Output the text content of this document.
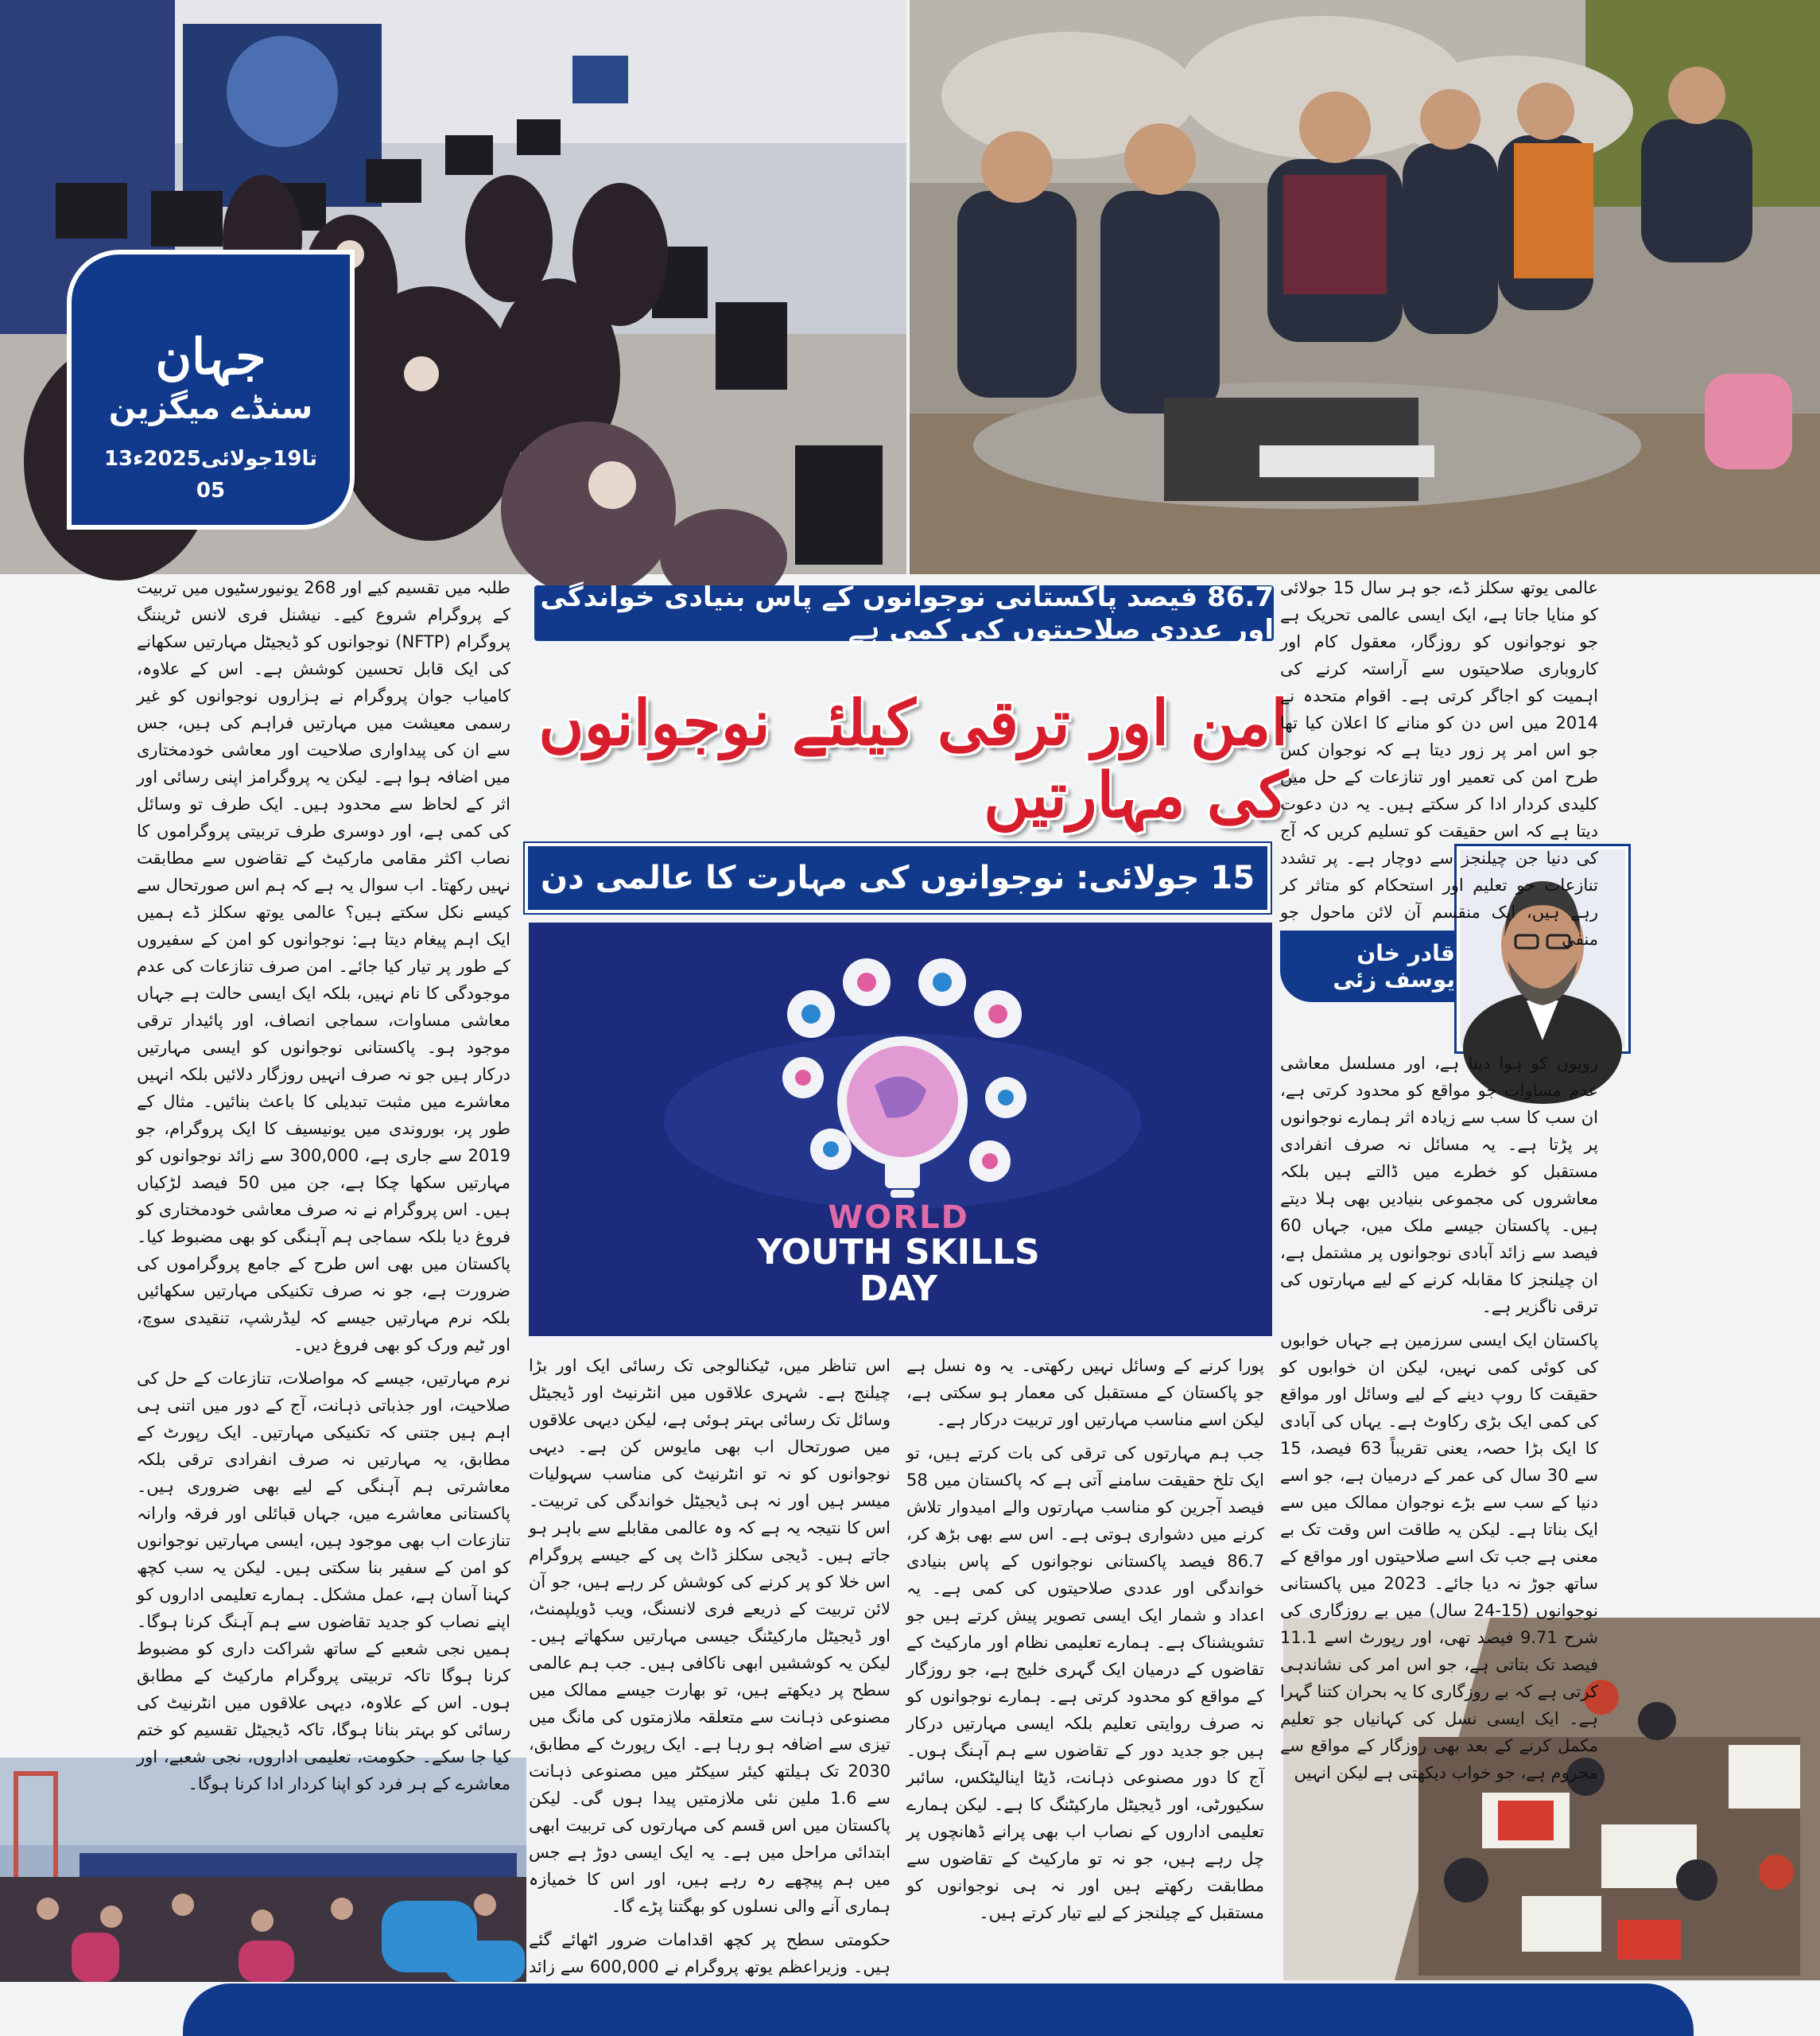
جہان
سنڈے میگزین
13تا19جولائی2025ء
05
86.7 فیصد پاکستانی نوجوانوں کے پاس بنیادی خواندگی اور عددی صلاحیتوں کی کمی ہے
امن اور ترقی کیلئے نوجوانوں کی مہارتیں
15 جولائی: نوجوانوں کی مہارت کا عالمی دن
قادر خان یوسف زئی
WORLD
YOUTH SKILLS DAY

عالمی یوتھ سکلز ڈے، جو ہر سال 15 جولائی کو منایا جاتا ہے، ایک ایسی عالمی تحریک ہے جو نوجوانوں کو روزگار، معقول کام اور کاروباری صلاحیتوں سے آراستہ کرنے کی اہمیت کو اجاگر کرتی ہے۔ اقوام متحدہ نے 2014 میں اس دن کو منانے کا اعلان کیا تھا جو اس امر پر زور دیتا ہے کہ نوجوان کس طرح امن کی تعمیر اور تنازعات کے حل میں کلیدی کردار ادا کر سکتے ہیں۔ یہ دن دعوت دیتا ہے کہ اس حقیقت کو تسلیم کریں کہ آج کی دنیا جن چیلنجز سے دوچار ہے۔ پر تشدد تنازعات جو تعلیم اور استحکام کو متاثر کر رہے ہیں، ایک منقسم آن لائن ماحول جو منفی

رویوں کو ہوا دیتا ہے، اور مسلسل معاشی عدم مساوات جو مواقع کو محدود کرتی ہے، ان سب کا سب سے زیادہ اثر ہمارے نوجوانوں پر پڑتا ہے۔ یہ مسائل نہ صرف انفرادی مستقبل کو خطرے میں ڈالتے ہیں بلکہ معاشروں کی مجموعی بنیادیں بھی ہلا دیتے ہیں۔ پاکستان جیسے ملک میں، جہاں 60 فیصد سے زائد آبادی نوجوانوں پر مشتمل ہے، ان چیلنجز کا مقابلہ کرنے کے لیے مہارتوں کی ترقی ناگزیر ہے۔

پاکستان ایک ایسی سرزمین ہے جہاں خوابوں کی کوئی کمی نہیں، لیکن ان خوابوں کو حقیقت کا روپ دینے کے لیے وسائل اور مواقع کی کمی ایک بڑی رکاوٹ ہے۔ یہاں کی آبادی کا ایک بڑا حصہ، یعنی تقریباً 63 فیصد، 15 سے 30 سال کی عمر کے درمیان ہے، جو اسے دنیا کے سب سے بڑے نوجوان ممالک میں سے ایک بناتا ہے۔ لیکن یہ طاقت اس وقت تک بے معنی ہے جب تک اسے صلاحیتوں اور مواقع کے ساتھ جوڑ نہ دیا جائے۔ 2023 میں پاکستانی نوجوانوں (15-24 سال) میں بے روزگاری کی شرح 9.71 فیصد تھی، اور رپورٹ اسے 11.1 فیصد تک بتاتی ہے، جو اس امر کی نشاندہی کرتی ہے کہ بے روزگاری کا یہ بحران کتنا گہرا ہے۔ ایک ایسی نسل کی کہانیاں جو تعلیم مکمل کرنے کے بعد بھی روزگار کے مواقع سے محروم ہے، جو خواب دیکھتی ہے لیکن انہیں

پورا کرنے کے وسائل نہیں رکھتی۔ یہ وہ نسل ہے جو پاکستان کے مستقبل کی معمار ہو سکتی ہے، لیکن اسے مناسب مہارتیں اور تربیت درکار ہے۔

جب ہم مہارتوں کی ترقی کی بات کرتے ہیں، تو ایک تلخ حقیقت سامنے آتی ہے کہ پاکستان میں 58 فیصد آجرین کو مناسب مہارتوں والے امیدوار تلاش کرنے میں دشواری ہوتی ہے۔ اس سے بھی بڑھ کر، 86.7 فیصد پاکستانی نوجوانوں کے پاس بنیادی خواندگی اور عددی صلاحیتوں کی کمی ہے۔ یہ اعداد و شمار ایک ایسی تصویر پیش کرتے ہیں جو تشویشناک ہے۔ ہمارے تعلیمی نظام اور مارکیٹ کے تقاضوں کے درمیان ایک گہری خلیج ہے، جو روزگار کے مواقع کو محدود کرتی ہے۔ ہمارے نوجوانوں کو نہ صرف روایتی تعلیم بلکہ ایسی مہارتیں درکار ہیں جو جدید دور کے تقاضوں سے ہم آہنگ ہوں۔ آج کا دور مصنوعی ذہانت، ڈیٹا اینالیٹکس، سائبر سکیورٹی، اور ڈیجیٹل مارکیٹنگ کا ہے۔ لیکن ہمارے تعلیمی اداروں کے نصاب اب بھی پرانے ڈھانچوں پر چل رہے ہیں، جو نہ تو مارکیٹ کے تقاضوں سے مطابقت رکھتے ہیں اور نہ ہی نوجوانوں کو مستقبل کے چیلنجز کے لیے تیار کرتے ہیں۔

اس تناظر میں، ٹیکنالوجی تک رسائی ایک اور بڑا چیلنج ہے۔ شہری علاقوں میں انٹرنیٹ اور ڈیجیٹل وسائل تک رسائی بہتر ہوئی ہے، لیکن دیہی علاقوں میں صورتحال اب بھی مایوس کن ہے۔ دیہی نوجوانوں کو نہ تو انٹرنیٹ کی مناسب سہولیات میسر ہیں اور نہ ہی ڈیجیٹل خواندگی کی تربیت۔ اس کا نتیجہ یہ ہے کہ وہ عالمی مقابلے سے باہر ہو جاتے ہیں۔ ڈیجی سکلز ڈاٹ پی کے جیسے پروگرام اس خلا کو پر کرنے کی کوشش کر رہے ہیں، جو آن لائن تربیت کے ذریعے فری لانسنگ، ویب ڈویلپمنٹ، اور ڈیجیٹل مارکیٹنگ جیسی مہارتیں سکھاتے ہیں۔ لیکن یہ کوششیں ابھی ناکافی ہیں۔ جب ہم عالمی سطح پر دیکھتے ہیں، تو بھارت جیسے ممالک میں مصنوعی ذہانت سے متعلقہ ملازمتوں کی مانگ میں تیزی سے اضافہ ہو رہا ہے۔ ایک رپورٹ کے مطابق، 2030 تک ہیلتھ کیئر سیکٹر میں مصنوعی ذہانت سے 1.6 ملین نئی ملازمتیں پیدا ہوں گی۔ لیکن پاکستان میں اس قسم کی مہارتوں کی تربیت ابھی ابتدائی مراحل میں ہے۔ یہ ایک ایسی دوڑ ہے جس میں ہم پیچھے رہ رہے ہیں، اور اس کا خمیازہ ہماری آنے والی نسلوں کو بھگتنا پڑے گا۔

حکومتی سطح پر کچھ اقدامات ضرور اٹھائے گئے ہیں۔ وزیراعظم یوتھ پروگرام نے 600,000 سے زائد

طلبہ میں تقسیم کیے اور 268 یونیورسٹیوں میں تربیت کے پروگرام شروع کیے۔ نیشنل فری لانس ٹریننگ پروگرام (NFTP) نوجوانوں کو ڈیجیٹل مہارتیں سکھانے کی ایک قابل تحسین کوشش ہے۔ اس کے علاوہ، کامیاب جوان پروگرام نے ہزاروں نوجوانوں کو غیر رسمی معیشت میں مہارتیں فراہم کی ہیں، جس سے ان کی پیداواری صلاحیت اور معاشی خودمختاری میں اضافہ ہوا ہے۔ لیکن یہ پروگرامز اپنی رسائی اور اثر کے لحاظ سے محدود ہیں۔ ایک طرف تو وسائل کی کمی ہے، اور دوسری طرف تربیتی پروگراموں کا نصاب اکثر مقامی مارکیٹ کے تقاضوں سے مطابقت نہیں رکھتا۔ اب سوال یہ ہے کہ ہم اس صورتحال سے کیسے نکل سکتے ہیں؟ عالمی یوتھ سکلز ڈے ہمیں ایک اہم پیغام دیتا ہے: نوجوانوں کو امن کے سفیروں کے طور پر تیار کیا جائے۔ امن صرف تنازعات کی عدم موجودگی کا نام نہیں، بلکہ ایک ایسی حالت ہے جہاں معاشی مساوات، سماجی انصاف، اور پائیدار ترقی موجود ہو۔ پاکستانی نوجوانوں کو ایسی مہارتیں درکار ہیں جو نہ صرف انہیں روزگار دلائیں بلکہ انہیں معاشرے میں مثبت تبدیلی کا باعث بنائیں۔ مثال کے طور پر، بوروندی میں یونیسیف کا ایک پروگرام، جو 2019 سے جاری ہے، 300,000 سے زائد نوجوانوں کو مہارتیں سکھا چکا ہے، جن میں 50 فیصد لڑکیاں ہیں۔ اس پروگرام نے نہ صرف معاشی خودمختاری کو فروغ دیا بلکہ سماجی ہم آہنگی کو بھی مضبوط کیا۔ پاکستان میں بھی اس طرح کے جامع پروگراموں کی ضرورت ہے، جو نہ صرف تکنیکی مہارتیں سکھائیں بلکہ نرم مہارتیں جیسے کہ لیڈرشپ، تنقیدی سوچ، اور ٹیم ورک کو بھی فروغ دیں۔

نرم مہارتیں، جیسے کہ مواصلات، تنازعات کے حل کی صلاحیت، اور جذباتی ذہانت، آج کے دور میں اتنی ہی اہم ہیں جتنی کہ تکنیکی مہارتیں۔ ایک رپورٹ کے مطابق، یہ مہارتیں نہ صرف انفرادی ترقی بلکہ معاشرتی ہم آہنگی کے لیے بھی ضروری ہیں۔ پاکستانی معاشرے میں، جہاں قبائلی اور فرقہ وارانہ تنازعات اب بھی موجود ہیں، ایسی مہارتیں نوجوانوں کو امن کے سفیر بنا سکتی ہیں۔ لیکن یہ سب کچھ کہنا آسان ہے، عمل مشکل۔ ہمارے تعلیمی اداروں کو اپنے نصاب کو جدید تقاضوں سے ہم آہنگ کرنا ہوگا۔ ہمیں نجی شعبے کے ساتھ شراکت داری کو مضبوط کرنا ہوگا تاکہ تربیتی پروگرام مارکیٹ کے مطابق ہوں۔ اس کے علاوہ، دیہی علاقوں میں انٹرنیٹ کی رسائی کو بہتر بنانا ہوگا، تاکہ ڈیجیٹل تقسیم کو ختم کیا جا سکے۔ حکومت، تعلیمی اداروں، نجی شعبے، اور معاشرے کے ہر فرد کو اپنا کردار ادا کرنا ہوگا۔
